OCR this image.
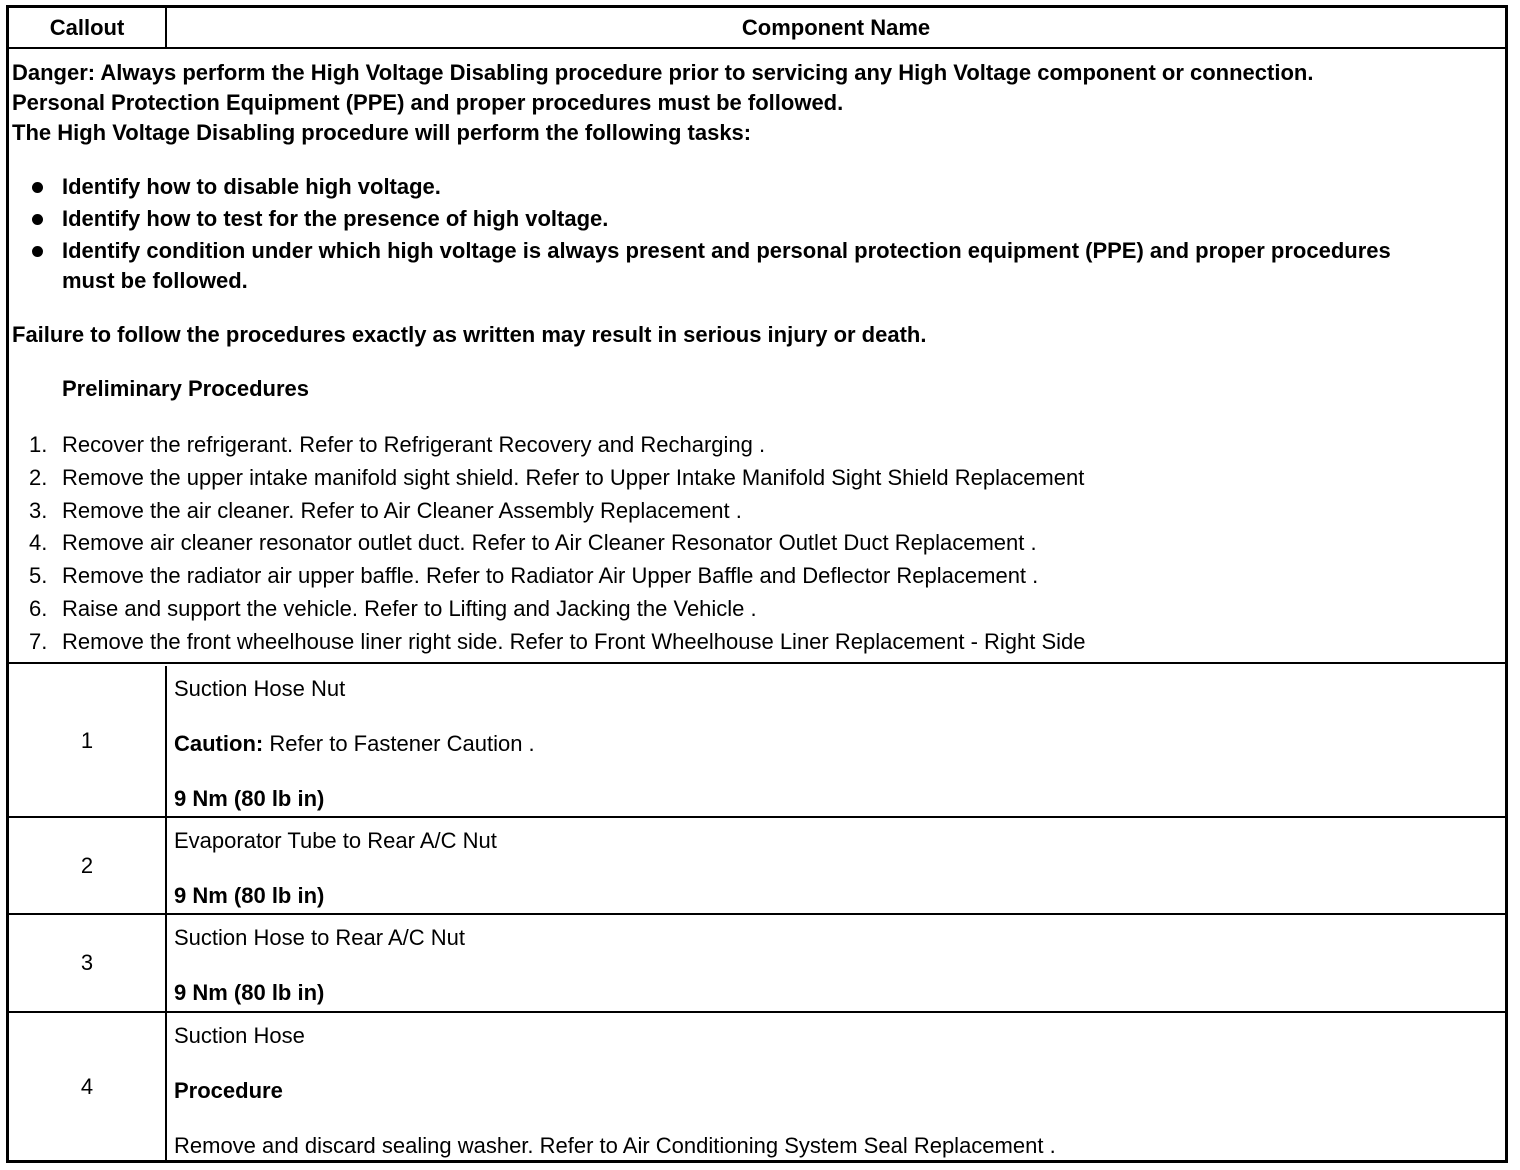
Callout	Component Name
Danger: Always perform the High Voltage Disabling procedure prior to servicing any High Voltage component or connection.
Personal Protection Equipment (PPE) and proper procedures must be followed.
The High Voltage Disabling procedure will perform the following tasks:
Identify how to disable high voltage.
Identify how to test for the presence of high voltage.
Identify condition under which high voltage is always present and personal protection equipment (PPE) and proper procedures must be followed.
Failure to follow the procedures exactly as written may result in serious injury or death.
Preliminary Procedures
1. Recover the refrigerant. Refer to Refrigerant Recovery and Recharging .
2. Remove the upper intake manifold sight shield. Refer to Upper Intake Manifold Sight Shield Replacement
3. Remove the air cleaner. Refer to Air Cleaner Assembly Replacement .
4. Remove air cleaner resonator outlet duct. Refer to Air Cleaner Resonator Outlet Duct Replacement .
5. Remove the radiator air upper baffle. Refer to Radiator Air Upper Baffle and Deflector Replacement .
6. Raise and support the vehicle. Refer to Lifting and Jacking the Vehicle .
7. Remove the front wheelhouse liner right side. Refer to Front Wheelhouse Liner Replacement - Right Side
1
Suction Hose Nut
Caution: Refer to Fastener Caution .
9 Nm (80 lb in)
2
Evaporator Tube to Rear A/C Nut
9 Nm (80 lb in)
3
Suction Hose to Rear A/C Nut
9 Nm (80 lb in)
4
Suction Hose
Procedure
Remove and discard sealing washer. Refer to Air Conditioning System Seal Replacement .
